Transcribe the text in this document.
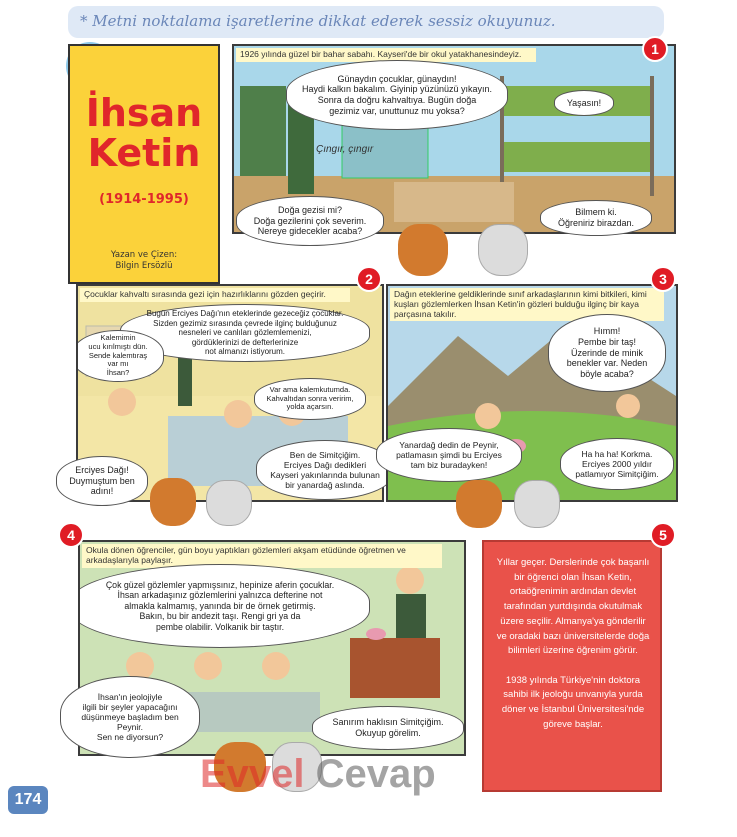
* Metni noktalama işaretlerine dikkat ederek sessiz okuyunuz.
İhsan
Ketin
(1914-1995)
Yazan ve Çizen:
Bilgin Ersözlü
1926 yılında güzel bir bahar sabahı. Kayseri'de bir okul yatakhanesindeyiz.
Günaydın çocuklar, günaydın!
Haydi kalkın bakalım. Giyinip yüzünüzü yıkayın.
Sonra da doğru kahvaltıya. Bugün doğa
gezimiz var, unuttunuz mu yoksa?
Yaşasın!
Çıngır, çıngır
Doğa gezisi mi?
Doğa gezilerini çok severim.
Nereye gidecekler acaba?
Bilmem ki.
Öğreniriz birazdan.
1
Çocuklar kahvaltı sırasında gezi için hazırlıklarını gözden geçirir.
Bugün Erciyes Dağı'nın eteklerinde gezeceğiz çocuklar.
Sizden gezimiz sırasında çevrede ilginç bulduğunuz
nesneleri ve canlıları gözlemlemenizi,
gördüklerinizi de defterlerinize
not almanızı istiyorum.
Kalemimin
ucu kırılmıştı dün.
Sende kalemtıraş var mı
İhsan?
Var ama kalemkutumda.
Kahvaltıdan sonra veririm,
yolda açarsın.
Erciyes Dağı!
Duymuştum ben
adını!
Ben de Simitçiğim.
Erciyes Dağı dedikleri
Kayseri yakınlarında bulunan
bir yanardağ aslında.
2
Dağın eteklerine geldiklerinde sınıf arkadaşlarının kimi bitkileri, kimi kuşları gözlemlerken İhsan Ketin'in gözleri bulduğu ilginç bir kaya parçasına takılır.
Hımm!
Pembe bir taş!
Üzerinde de minik
benekler var. Neden
böyle acaba?
Yanardağ dedin de Peynir,
patlamasın şimdi bu Erciyes
tam biz buradayken!
Ha ha ha! Korkma.
Erciyes 2000 yıldır
patlamıyor Simitçiğim.
3
Okula dönen öğrenciler, gün boyu yaptıkları gözlemleri akşam etüdünde öğretmen ve arkadaşlarıyla paylaşır.
Çok güzel gözlemler yapmışsınız, hepinize aferin çocuklar.
İhsan arkadaşınız gözlemlerini yalnızca defterine not
almakla kalmamış, yanında bir de örnek getirmiş.
Bakın, bu bir andezit taşı. Rengi gri ya da
pembe olabilir. Volkanik bir taştır.
İhsan'ın jeolojiyle
ilgili bir şeyler yapacağını
düşünmeye başladım ben Peynir.
Sen ne diyorsun?
Sanırım haklısın Simitçiğim.
Okuyup görelim.
4
Yıllar geçer. Derslerinde çok başarılı bir öğrenci olan İhsan Ketin, ortaöğrenimin ardından devlet tarafından yurtdışında okutulmak üzere seçilir. Almanya'ya gönderilir ve oradaki bazı üniversitelerde doğa bilimleri üzerine öğrenim görür.

1938 yılında Türkiye'nin doktora sahibi ilk jeoloğu unvanıyla yurda döner ve İstanbul Üniversitesi'nde göreve başlar.
5
Evvel Cevap
174
